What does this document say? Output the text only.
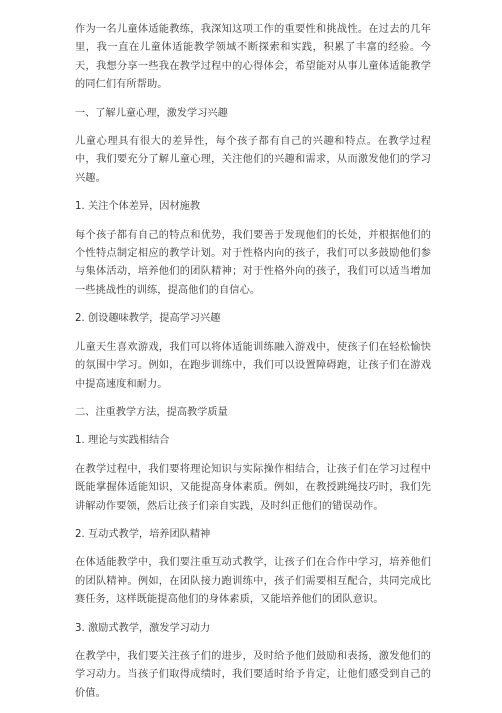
作为一名儿童体适能教练，我深知这项工作的重要性和挑战性。在过去的几年里，我一直在儿童体适能教学领域不断探索和实践，积累了丰富的经验。今天，我想分享一些我在教学过程中的心得体会，希望能对从事儿童体适能教学的同仁们有所帮助。

一、了解儿童心理，激发学习兴趣

儿童心理具有很大的差异性，每个孩子都有自己的兴趣和特点。在教学过程中，我们要充分了解儿童心理，关注他们的兴趣和需求，从而激发他们的学习兴趣。

1. 关注个体差异，因材施教

每个孩子都有自己的特点和优势，我们要善于发现他们的长处，并根据他们的个性特点制定相应的教学计划。对于性格内向的孩子，我们可以多鼓励他们参与集体活动，培养他们的团队精神；对于性格外向的孩子，我们可以适当增加一些挑战性的训练，提高他们的自信心。

2. 创设趣味教学，提高学习兴趣

儿童天生喜欢游戏，我们可以将体适能训练融入游戏中，使孩子们在轻松愉快的氛围中学习。例如，在跑步训练中，我们可以设置障碍跑，让孩子们在游戏中提高速度和耐力。

二、注重教学方法，提高教学质量

1. 理论与实践相结合

在教学过程中，我们要将理论知识与实际操作相结合，让孩子们在学习过程中既能掌握体适能知识，又能提高身体素质。例如，在教授跳绳技巧时，我们先讲解动作要领，然后让孩子们亲自实践，及时纠正他们的错误动作。

2. 互动式教学，培养团队精神

在体适能教学中，我们要注重互动式教学，让孩子们在合作中学习，培养他们的团队精神。例如，在团队接力跑训练中，孩子们需要相互配合，共同完成比赛任务，这样既能提高他们的身体素质，又能培养他们的团队意识。

3. 激励式教学，激发学习动力

在教学中，我们要关注孩子们的进步，及时给予他们鼓励和表扬，激发他们的学习动力。当孩子们取得成绩时，我们要适时给予肯定，让他们感受到自己的价值。
